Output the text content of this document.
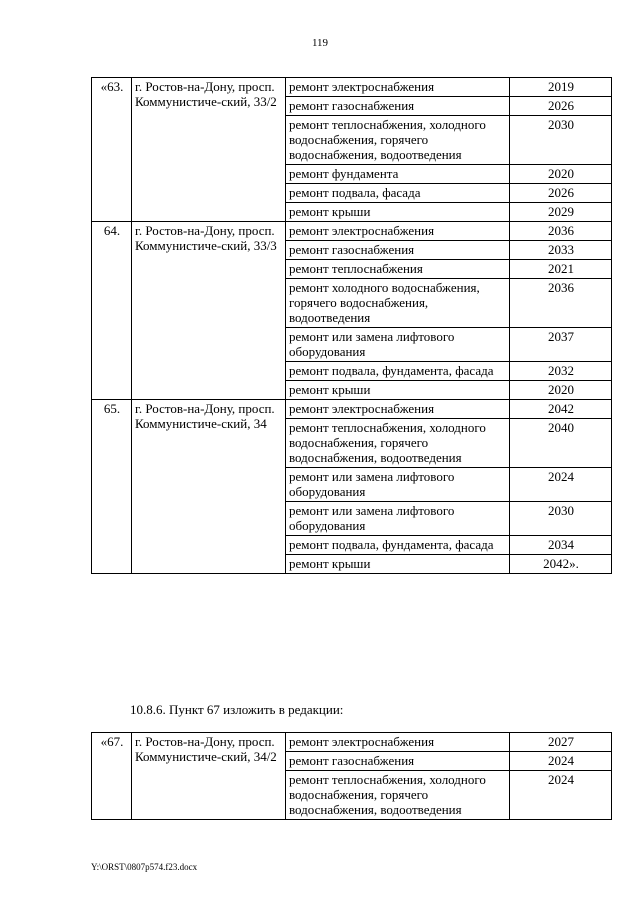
119
«63.	г. Ростов-на-Дону, просп. Коммунистиче-ский, 33/2	ремонт электроснабжения	2019
		ремонт газоснабжения	2026
		ремонт теплоснабжения, холодного водоснабжения, горячего водоснабжения, водоотведения	2030
		ремонт фундамента	2020
		ремонт подвала, фасада	2026
		ремонт крыши	2029
64.	г. Ростов-на-Дону, просп. Коммунистиче-ский, 33/3	ремонт электроснабжения	2036
		ремонт газоснабжения	2033
		ремонт теплоснабжения	2021
		ремонт холодного водоснабжения, горячего водоснабжения, водоотведения	2036
		ремонт или замена лифтового оборудования	2037
		ремонт подвала, фундамента, фасада	2032
		ремонт крыши	2020
65.	г. Ростов-на-Дону, просп. Коммунистиче-ский, 34	ремонт электроснабжения	2042
		ремонт теплоснабжения, холодного водоснабжения, горячего водоснабжения, водоотведения	2040
		ремонт или замена лифтового оборудования	2024
		ремонт или замена лифтового оборудования	2030
		ремонт подвала, фундамента, фасада	2034
		ремонт крыши	2042».
10.8.6. Пункт 67 изложить в редакции:
«67.	г. Ростов-на-Дону, просп. Коммунистиче-ский, 34/2	ремонт электроснабжения	2027
		ремонт газоснабжения	2024
		ремонт теплоснабжения, холодного водоснабжения, горячего водоснабжения, водоотведения	2024
Y:\ORST\0807p574.f23.docx
